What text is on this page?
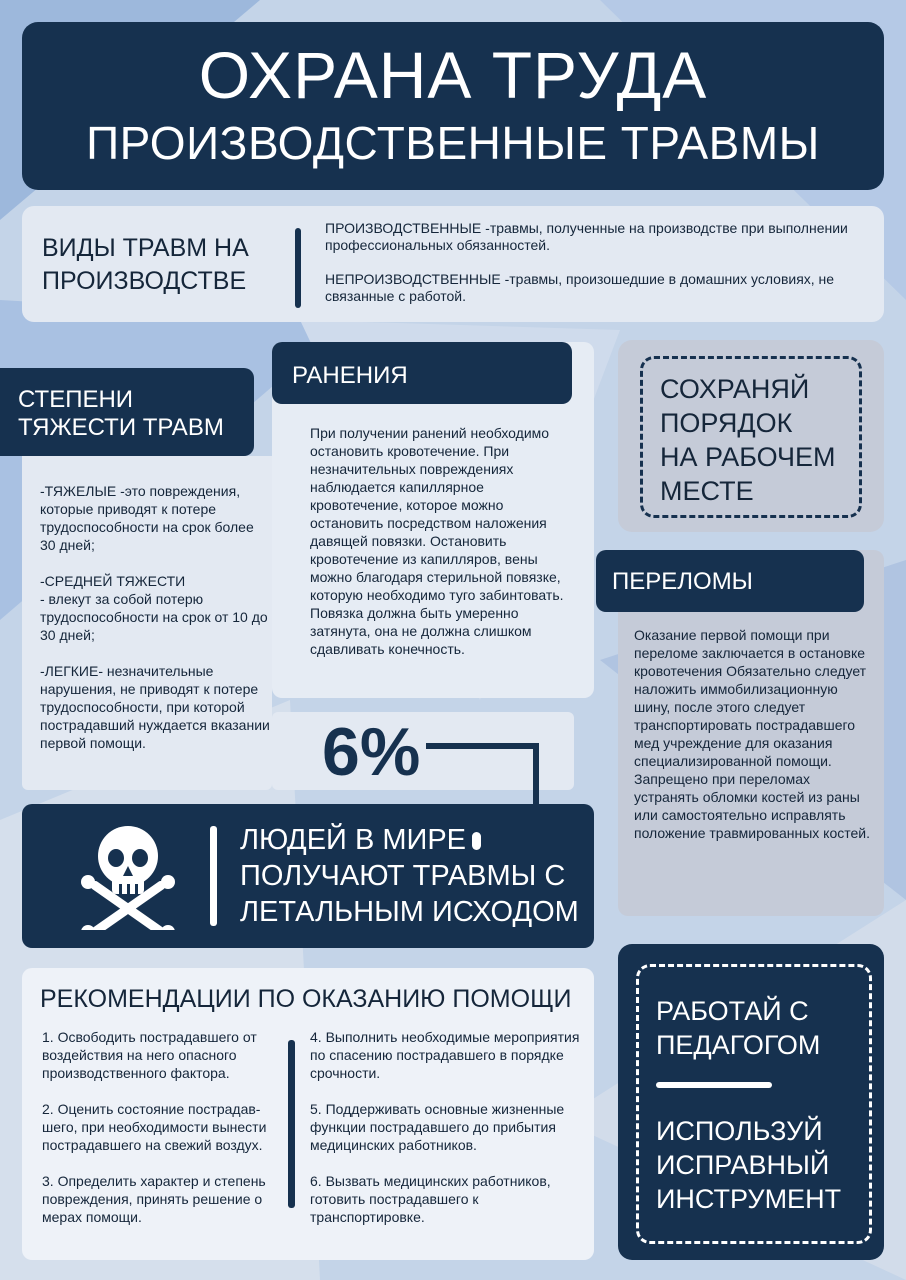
ОХРАНА ТРУДА
ПРОИЗВОДСТВЕННЫЕ ТРАВМЫ
ВИДЫ ТРАВМ НА
ПРОИЗВОДСТВЕ

ПРОИЗВОДСТВЕННЫЕ -травмы, полученные на производстве при выполнении профессиональных обязанностей.

НЕПРОИЗВОДСТВЕННЫЕ -травмы, произошедшие в домашних условиях, не связанные с работой.

-ТЯЖЕЛЫЕ -это повреждения, которые приводят к потере трудоспособности на срок более 30 дней;

-СРЕДНЕЙ ТЯЖЕСТИ
- влекут за собой потерю трудоспособности на срок от 10 до 30 дней;

-ЛЕГКИЕ- незначительные нарушения, не приводят к потере трудоспособности, при которой пострадавший нуждается вказании первой помощи.

СТЕПЕНИ
ТЯЖЕСТИ ТРАВМ
РАНЕНИЯ
При получении ранений необходимо остановить кровотечение. При незначительных повреждениях наблюдается капиллярное кровотечение, которое можно остановить посредством наложения давящей повязки. Остановить кровотечение из капилляров, вены можно благодаря стерильной повязке, которую необходимо туго забинтовать. Повязка должна быть умеренно затянута, она не должна слишком сдавливать конечность.
СОХРАНЯЙ
ПОРЯДОК
НА РАБОЧЕМ
МЕСТЕ
ПЕРЕЛОМЫ
Оказание первой помощи при переломе заключается в остановке кровотечения Обязательно следует наложить иммобилизационную шину, после этого следует транспортировать пострадавшего мед учреждение для оказания специализированной помощи. Запрещено при переломах устранять обломки костей из раны или самостоятельно исправлять положение травмированных костей.
6%
ЛЮДЕЙ В МИРЕ
ПОЛУЧАЮТ ТРАВМЫ С
ЛЕТАЛЬНЫМ ИСХОДОМ
РЕКОМЕНДАЦИИ ПО ОКАЗАНИЮ ПОМОЩИ

1. Освободить пострадавшего от воздействия на него опасного производственного фактора.

2. Оценить состояние пострадав-шего, при необходимости вынести пострадавшего на свежий воздух.

3. Определить характер и степень повреждения, принять решение о мерах помощи.

4. Выполнить необходимые мероприятия по спасению пострадавшего в порядке срочности.

5. Поддерживать основные жизненные функции пострадавшего до прибытия медицинских работников.

6. Вызвать медицинских работников, готовить пострадавшего к транспортировке.

РАБОТАЙ С
ПЕДАГОГОМ
ИСПОЛЬЗУЙ
ИСПРАВНЫЙ
ИНСТРУМЕНТ
